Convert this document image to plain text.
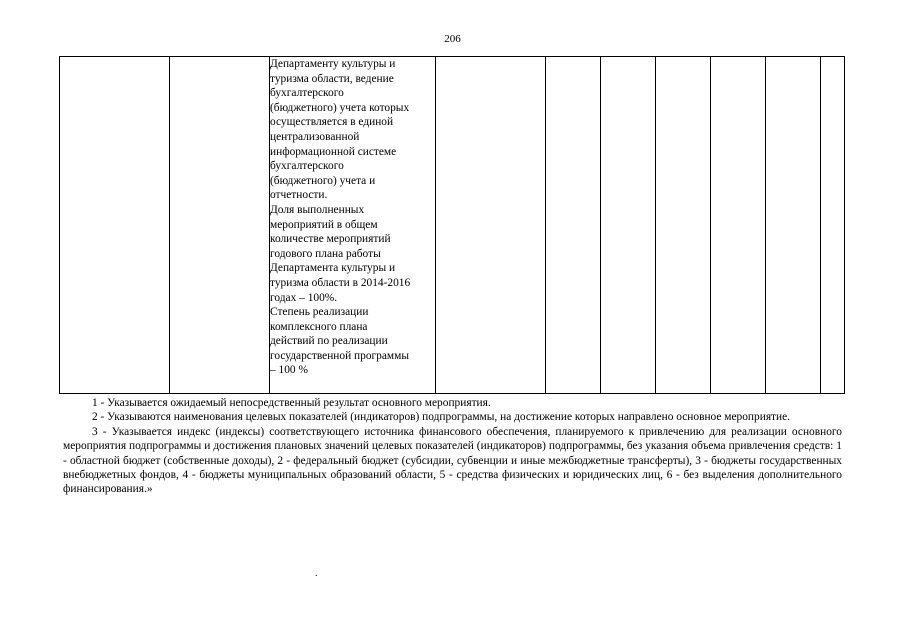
206

Департаменту культуры и
туризма области, ведение
бухгалтерского
(бюджетного) учета которых
осуществляется в единой
централизованной
информационной системе
бухгалтерского
(бюджетного) учета и
отчетности.
Доля выполненных
мероприятий в общем
количестве мероприятий
годового плана работы
Департамента культуры и
туризма области в 2014-2016
годах – 100%.
Степень реализации
комплексного плана
действий по реализации
государственной программы
– 100 %

1 - Указывается ожидаемый непосредственный результат основного мероприятия.

2 - Указываются наименования целевых показателей (индикаторов) подпрограммы, на достижение которых направлено основное мероприятие.

3 - Указывается индекс (индексы) соответствующего источника финансового обеспечения, планируемого к привлечению для реализации основного мероприятия подпрограммы и достижения плановых значений целевых показателей (индикаторов) подпрограммы, без указания объема привлечения средств: 1 - областной бюджет (собственные доходы), 2 - федеральный бюджет (субсидии, субвенции и иные межбюджетные трансферты), 3 - бюджеты государственных внебюджетных фондов, 4 - бюджеты муниципальных образований области, 5 - средства физических и юридических лиц, 6 - без выделения дополнительного финансирования.»

.
